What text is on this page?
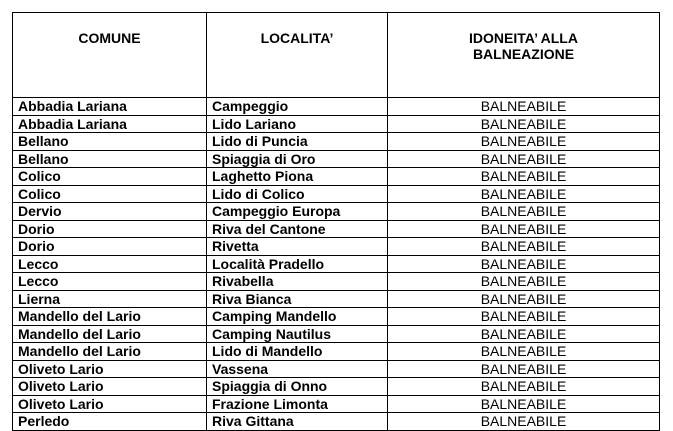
COMUNE	LOCALITA’	IDONEITA’ ALLA
BALNEAZIONE
Abbadia Lariana	Campeggio	BALNEABILE
Abbadia Lariana	Lido Lariano	BALNEABILE
Bellano	Lido di Puncia	BALNEABILE
Bellano	Spiaggia di Oro	BALNEABILE
Colico	Laghetto Piona	BALNEABILE
Colico	Lido di Colico	BALNEABILE
Dervio	Campeggio Europa	BALNEABILE
Dorio	Riva del Cantone	BALNEABILE
Dorio	Rivetta	BALNEABILE
Lecco	Località Pradello	BALNEABILE
Lecco	Rivabella	BALNEABILE
Lierna	Riva Bianca	BALNEABILE
Mandello del Lario	Camping Mandello	BALNEABILE
Mandello del Lario	Camping Nautilus	BALNEABILE
Mandello del Lario	Lido di Mandello	BALNEABILE
Oliveto Lario	Vassena	BALNEABILE
Oliveto Lario	Spiaggia di Onno	BALNEABILE
Oliveto Lario	Frazione Limonta	BALNEABILE
Perledo	Riva Gittana	BALNEABILE
